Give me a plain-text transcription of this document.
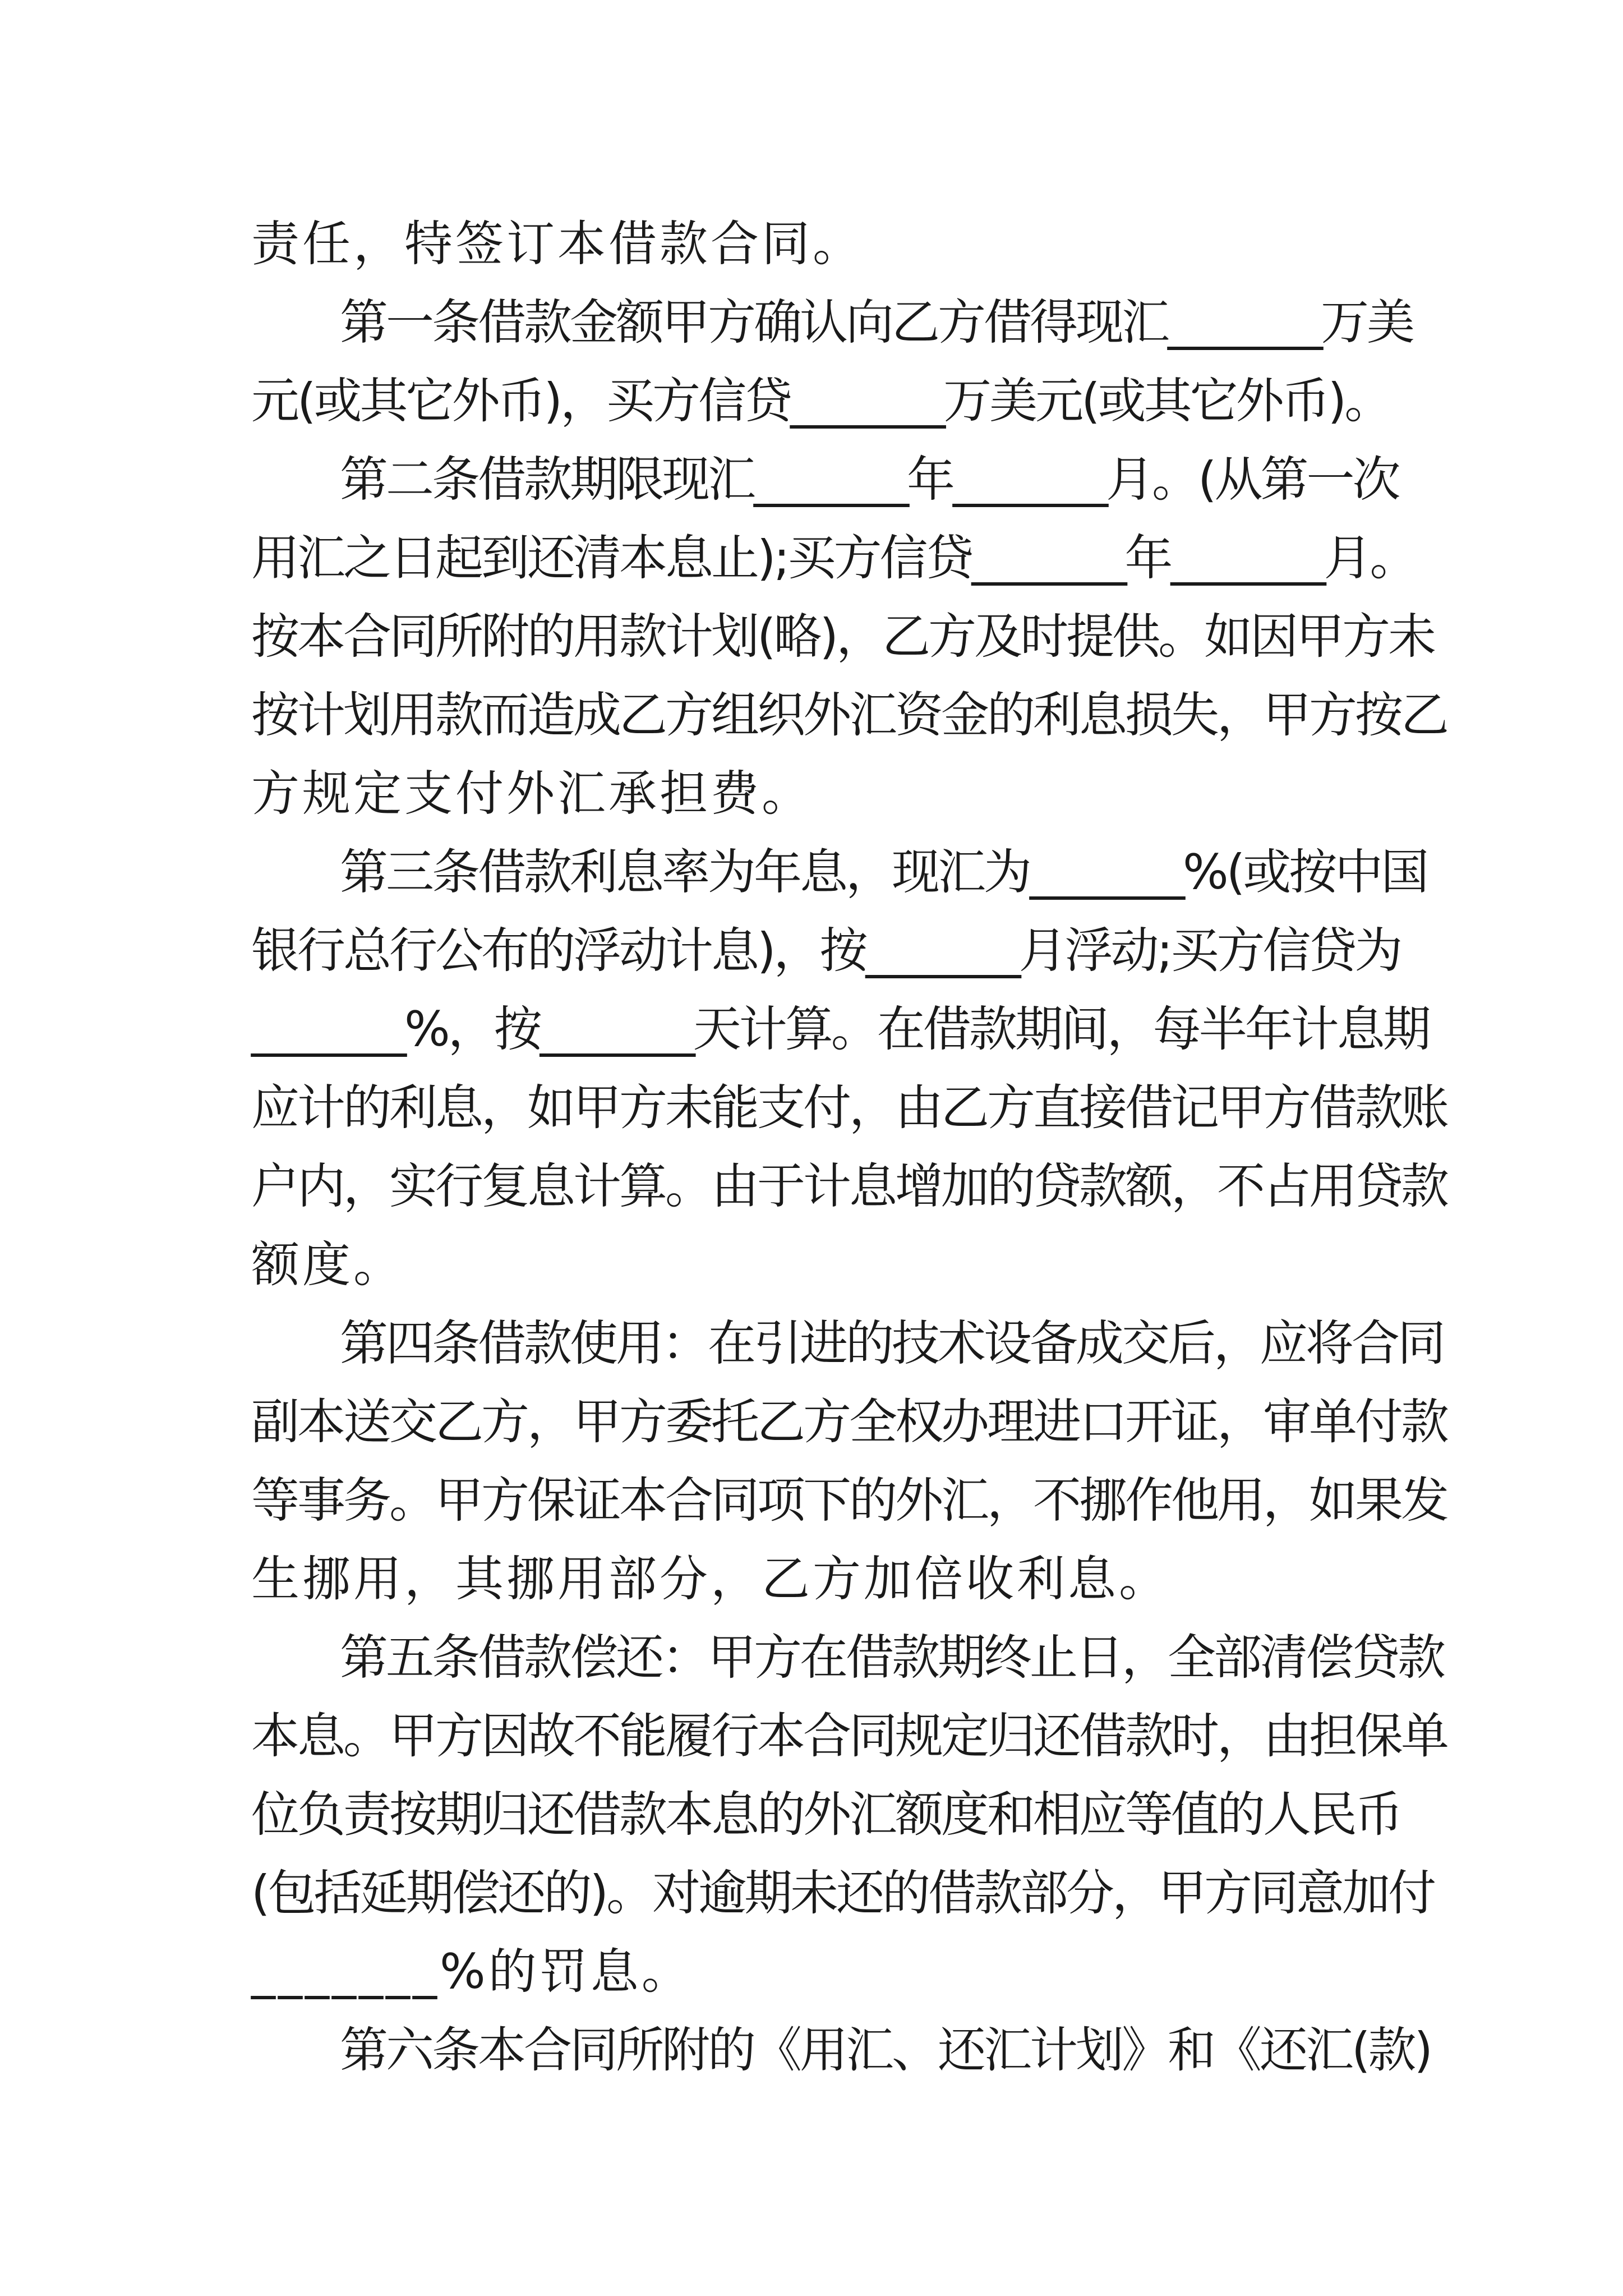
责任，特签订本借款合同。
第一条借款金额甲方确认向乙方借得现汇_______万美
元(或其它外币)，买方信贷_______万美元(或其它外币)。
第二条借款期限现汇_______年_______月。(从第一次
用汇之日起到还清本息止);买方信贷_______年_______月。
按本合同所附的用款计划(略)，乙方及时提供。如因甲方未
按计划用款而造成乙方组织外汇资金的利息损失，甲方按乙
方规定支付外汇承担费。
第三条借款利息率为年息，现汇为_______%(或按中国
银行总行公布的浮动计息)，按_______月浮动;买方信贷为
_______%，按_______天计算。在借款期间，每半年计息期
应计的利息，如甲方未能支付，由乙方直接借记甲方借款账
户内，实行复息计算。由于计息增加的贷款额，不占用贷款
额度。
第四条借款使用：在引进的技术设备成交后，应将合同
副本送交乙方，甲方委托乙方全权办理进口开证，审单付款
等事务。甲方保证本合同项下的外汇，不挪作他用，如果发
生挪用，其挪用部分，乙方加倍收利息。
第五条借款偿还：甲方在借款期终止日，全部清偿贷款
本息。甲方因故不能履行本合同规定归还借款时，由担保单
位负责按期归还借款本息的外汇额度和相应等值的人民币
(包括延期偿还的)。对逾期未还的借款部分，甲方同意加付
_______%的罚息。
第六条本合同所附的《用汇、还汇计划》和《还汇(款)
